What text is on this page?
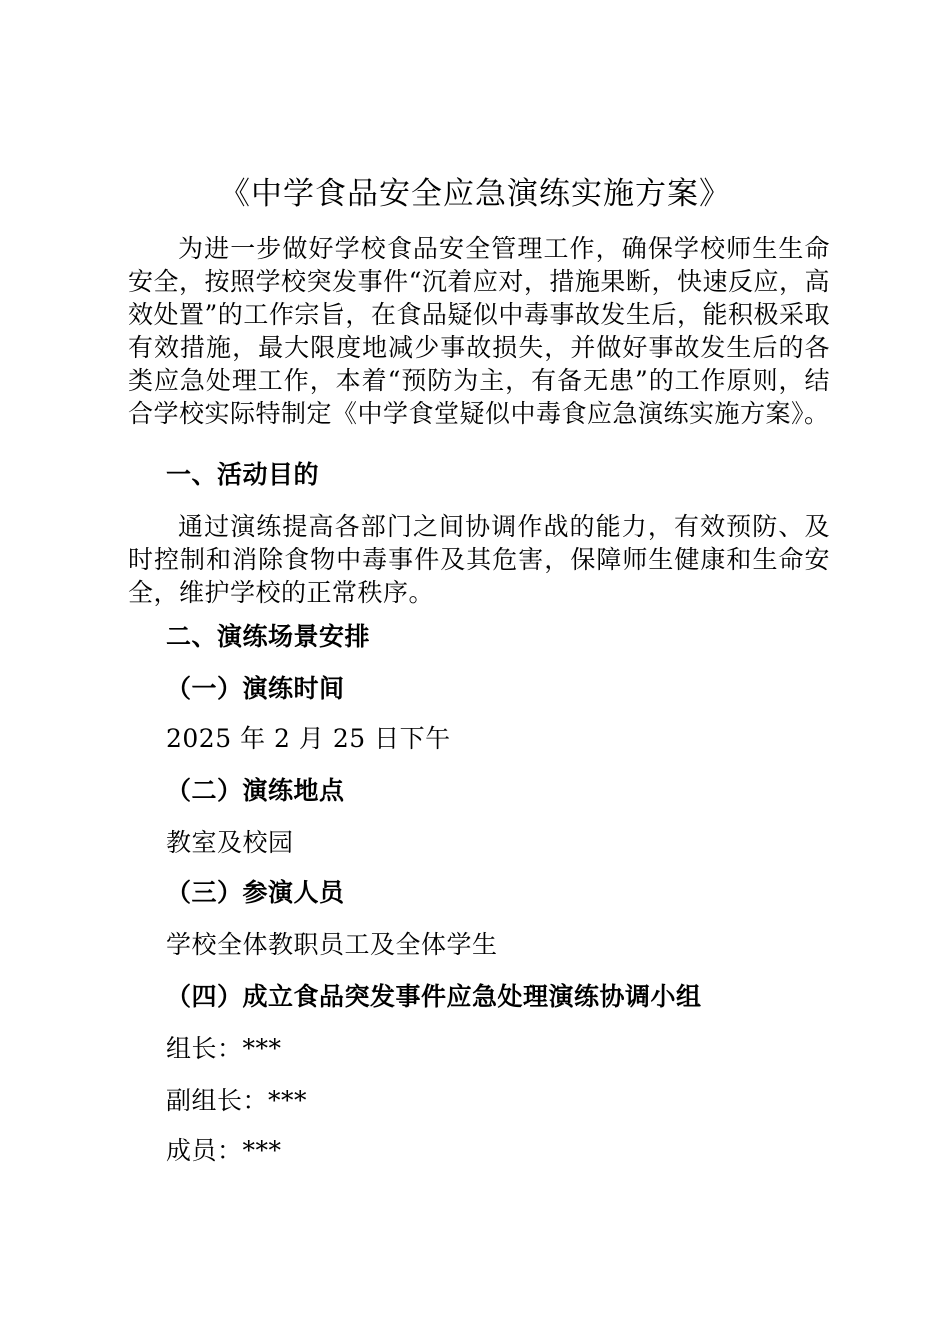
《中学食品安全应急演练实施方案》
为进一步做好学校食品安全管理工作，确保学校师生生命安全，按照学校突发事件“沉着应对，措施果断，快速反应，高效处置”的工作宗旨，在食品疑似中毒事故发生后，能积极采取有效措施，最大限度地减少事故损失，并做好事故发生后的各类应急处理工作，本着“预防为主，有备无患”的工作原则，结合学校实际特制定《中学食堂疑似中毒食应急演练实施方案》。
一、活动目的
通过演练提高各部门之间协调作战的能力，有效预防、及时控制和消除食物中毒事件及其危害，保障师生健康和生命安全，维护学校的正常秩序。
二、演练场景安排
（一）演练时间
2025 年 2 月 25 日下午
（二）演练地点
教室及校园
（三）参演人员
学校全体教职员工及全体学生
（四）成立食品突发事件应急处理演练协调小组
组长：***
副组长：***
成员：***
